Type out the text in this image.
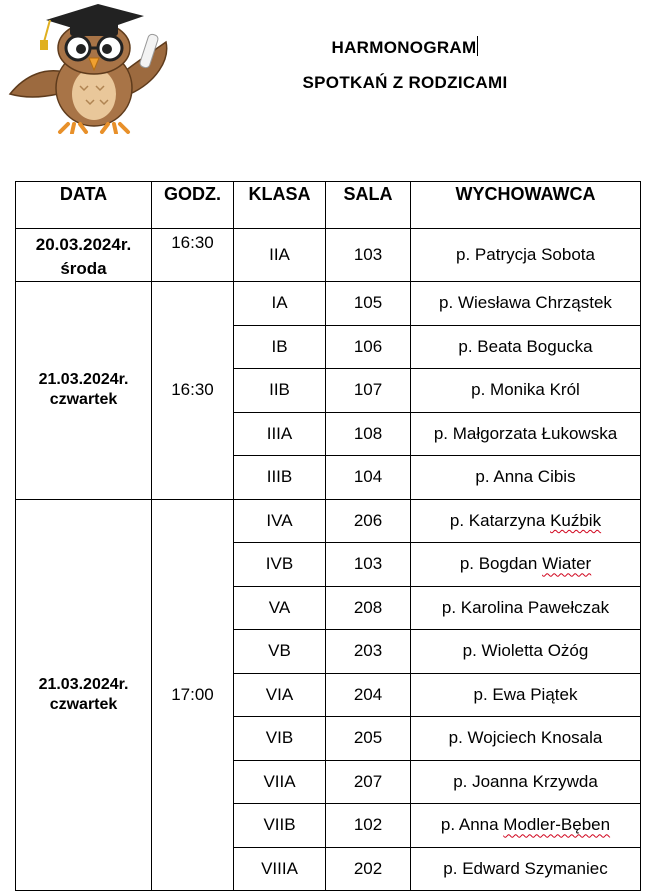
HARMONOGRAM
SPOTKAŃ Z RODZICAMI
DATA	GODZ.	KLASA	SALA	WYCHOWAWCA
20.03.2024r.
środa	16:30	IIA	103	p. Patrycja Sobota
21.03.2024r.
czwartek	16:30	IA	105	p. Wiesława Chrząstek
		IB	106	p. Beata Bogucka
		IIB	107	p. Monika Król
		IIIA	108	p. Małgorzata Łukowska
		IIIB	104	p. Anna Cibis
21.03.2024r.
czwartek	17:00	IVA	206	p. Katarzyna Kuźbik
		IVB	103	p. Bogdan Wiater
		VA	208	p. Karolina Pawełczak
		VB	203	p. Wioletta Ożóg
		VIA	204	p. Ewa Piątek
		VIB	205	p. Wojciech Knosala
		VIIA	207	p. Joanna Krzywda
		VIIB	102	p. Anna Modler-Bęben
		VIIIA	202	p. Edward Szymaniec
